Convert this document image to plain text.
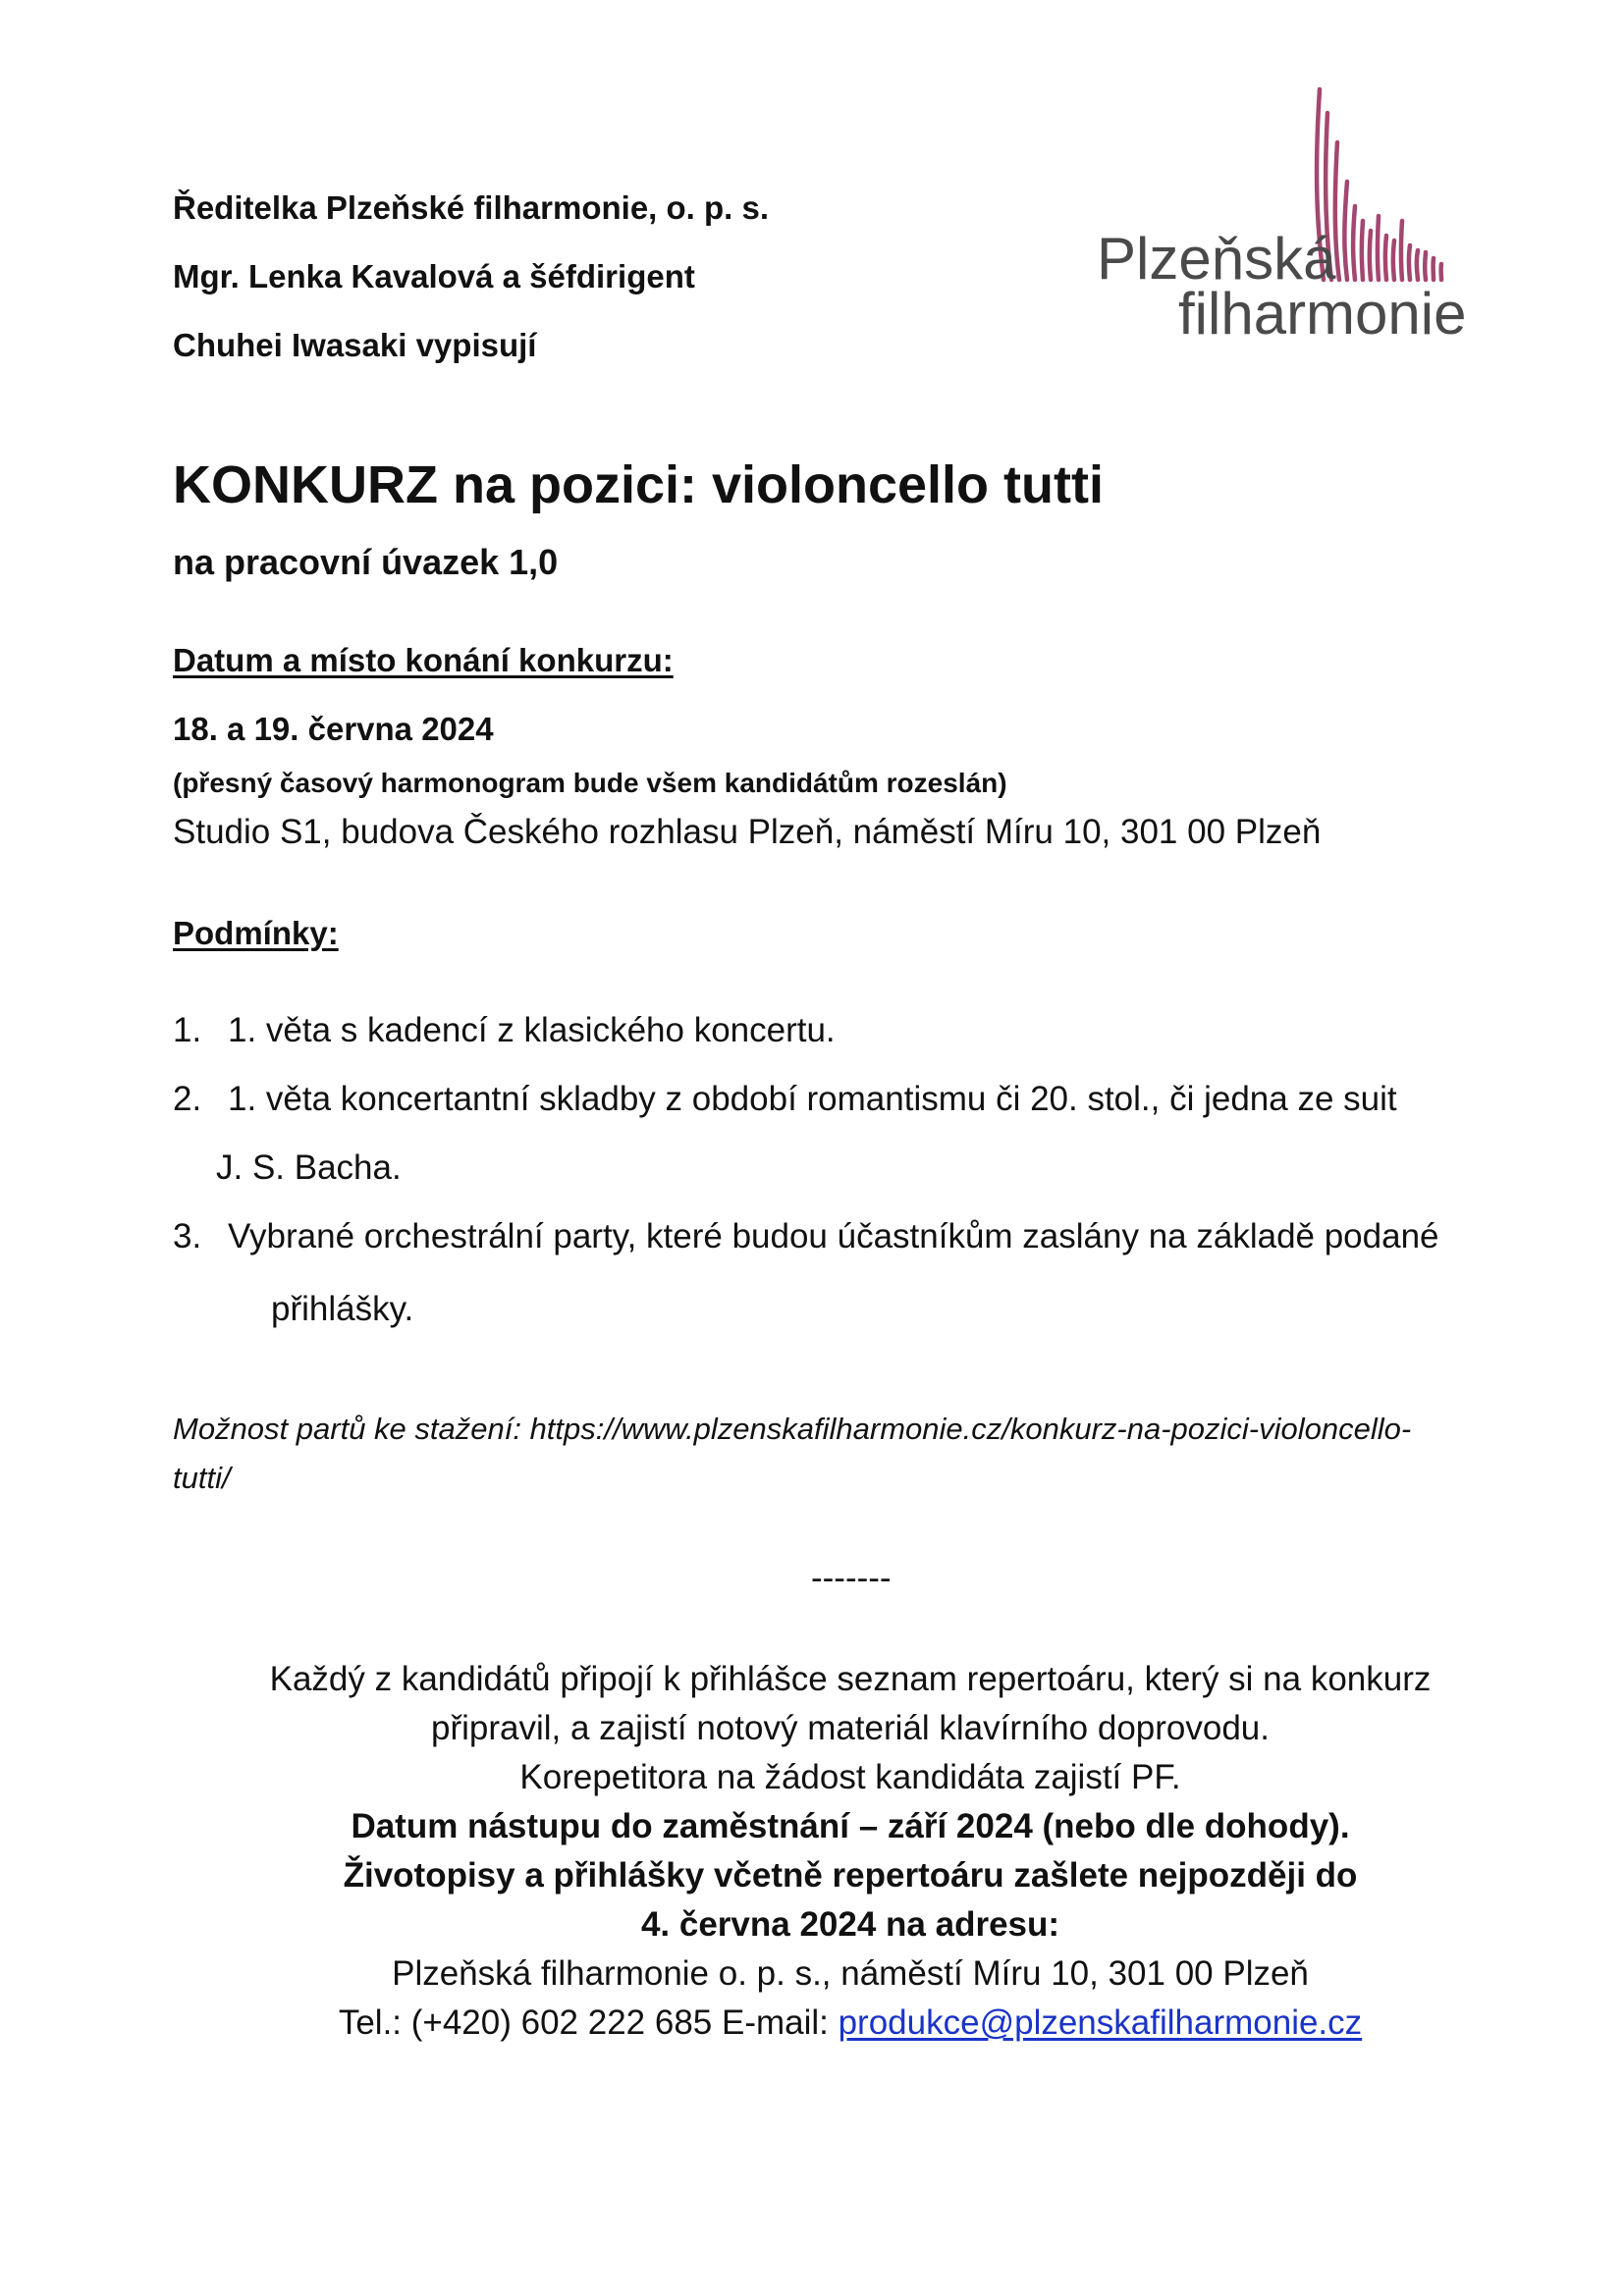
Ředitelka Plzeňské filharmonie, o. p. s.
Mgr. Lenka Kavalová a šéfdirigent
Chuhei Iwasaki vypisují
Plzeňská
filharmonie
KONKURZ na pozici: violoncello tutti
na pracovní úvazek 1,0
Datum a místo konání konkurzu:
18. a 19. června 2024
(přesný časový harmonogram bude všem kandidátům rozeslán)
Studio S1, budova Českého rozhlasu Plzeň, náměstí Míru 10, 301 00 Plzeň
Podmínky:
1. 1. věta s kadencí z klasického koncertu.
2. 1. věta koncertantní skladby z období romantismu či 20. stol., či jedna ze suit
J. S. Bacha.
3. Vybrané orchestrální party, které budou účastníkům zaslány na základě podané
přihlášky.
Možnost partů ke stažení: https://www.plzenskafilharmonie.cz/konkurz-na-pozici-violoncello-
tutti/
-------
Každý z kandidátů připojí k přihlášce seznam repertoáru, který si na konkurz
připravil, a zajistí notový materiál klavírního doprovodu.
Korepetitora na žádost kandidáta zajistí PF.
Datum nástupu do zaměstnání – září 2024 (nebo dle dohody).
Životopisy a přihlášky včetně repertoáru zašlete nejpozději do
4. června 2024 na adresu:
Plzeňská filharmonie o. p. s., náměstí Míru 10, 301 00 Plzeň
Tel.: (+420) 602 222 685 E-mail: produkce@plzenskafilharmonie.cz
